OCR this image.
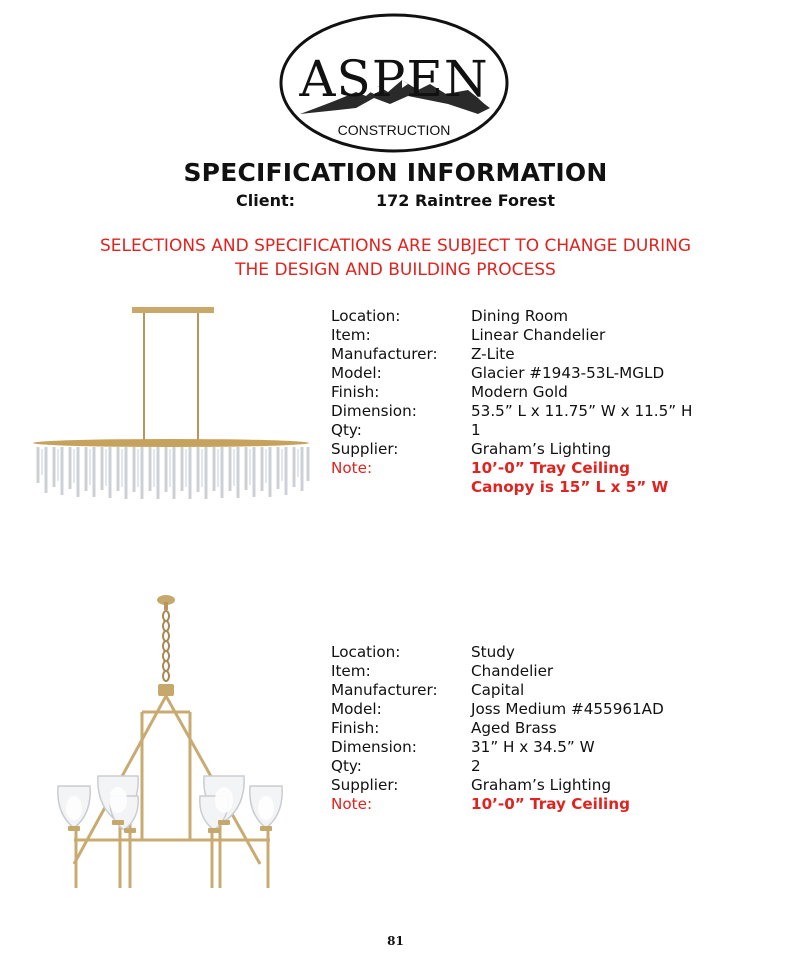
ASPEN
CONSTRUCTION
SPECIFICATION INFORMATION
Client:	172 Raintree Forest
SELECTIONS AND SPECIFICATIONS ARE SUBJECT TO CHANGE DURING
THE DESIGN AND BUILDING PROCESS
Location:	Dining Room
Item:	Linear Chandelier
Manufacturer:	Z-Lite
Model:	Glacier #1943-53L-MGLD
Finish:	Modern Gold
Dimension:	53.5” L x 11.75” W x 11.5” H
Qty:	1
Supplier:	Graham’s Lighting
Note:	10’-0” Tray Ceiling
Canopy is 15” L x 5” W
Location:	Study
Item:	Chandelier
Manufacturer:	Capital
Model:	Joss Medium #455961AD
Finish:	Aged Brass
Dimension:	31” H x 34.5” W
Qty:	2
Supplier:	Graham’s Lighting
Note:	10’-0” Tray Ceiling
81
